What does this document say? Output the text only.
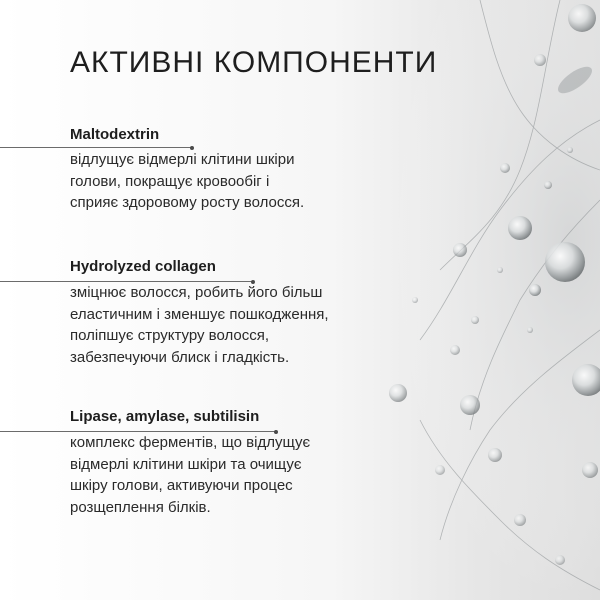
АКТИВНІ КОМПОНЕНТИ
Maltodextrin

відлущує відмерлі клітини шкіри
голови, покращує кровообіг і
сприяє здоровому росту волосся.

Hydrolyzed collagen

зміцнює волосся, робить його більш
еластичним і зменшує пошкодження,
поліпшує структуру волосся,
забезпечуючи блиск і гладкість.

Lipase, amylase, subtilisin

комплекс ферментів, що відлущує
відмерлі клітини шкіри та очищує
шкіру голови, активуючи процес
розщеплення білків.
